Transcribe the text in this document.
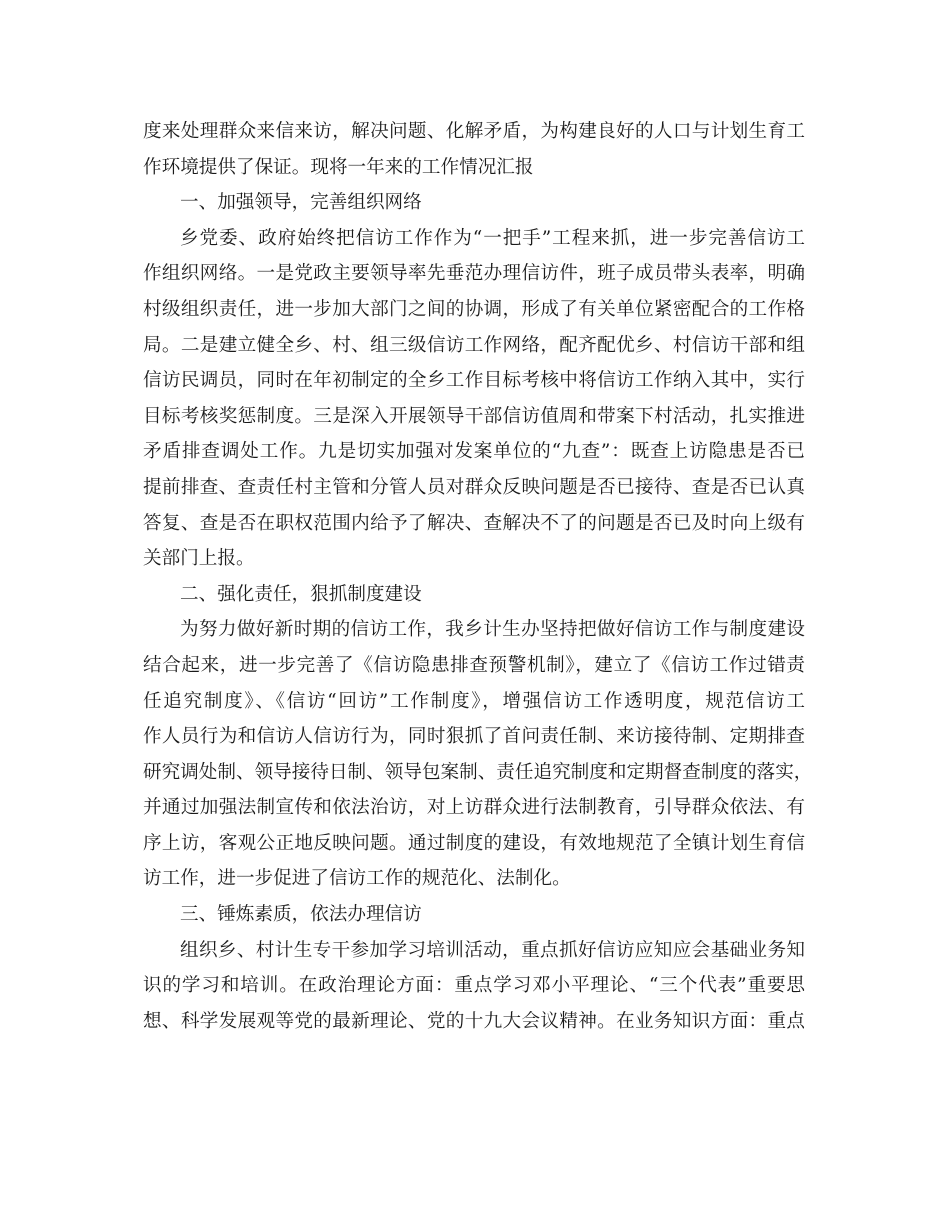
度来处理群众来信来访，解决问题、化解矛盾，为构建良好的人口与计划生育工
作环境提供了保证。现将一年来的工作情况汇报
一、加强领导，完善组织网络
乡党委、政府始终把信访工作作为“一把手”工程来抓，进一步完善信访工
作组织网络。一是党政主要领导率先垂范办理信访件，班子成员带头表率，明确
村级组织责任，进一步加大部门之间的协调，形成了有关单位紧密配合的工作格
局。二是建立健全乡、村、组三级信访工作网络，配齐配优乡、村信访干部和组
信访民调员，同时在年初制定的全乡工作目标考核中将信访工作纳入其中，实行
目标考核奖惩制度。三是深入开展领导干部信访值周和带案下村活动，扎实推进
矛盾排查调处工作。九是切实加强对发案单位的“九查”：既查上访隐患是否已
提前排查、查责任村主管和分管人员对群众反映问题是否已接待、查是否已认真
答复、查是否在职权范围内给予了解决、查解决不了的问题是否已及时向上级有
关部门上报。
二、强化责任，狠抓制度建设
为努力做好新时期的信访工作，我乡计生办坚持把做好信访工作与制度建设
结合起来，进一步完善了《信访隐患排查预警机制》，建立了《信访工作过错责
任追究制度》、《信访“回访”工作制度》，增强信访工作透明度，规范信访工
作人员行为和信访人信访行为，同时狠抓了首问责任制、来访接待制、定期排查
研究调处制、领导接待日制、领导包案制、责任追究制度和定期督查制度的落实，
并通过加强法制宣传和依法治访，对上访群众进行法制教育，引导群众依法、有
序上访，客观公正地反映问题。通过制度的建设，有效地规范了全镇计划生育信
访工作，进一步促进了信访工作的规范化、法制化。
三、锤炼素质，依法办理信访
组织乡、村计生专干参加学习培训活动，重点抓好信访应知应会基础业务知
识的学习和培训。在政治理论方面：重点学习邓小平理论、“三个代表”重要思
想、科学发展观等党的最新理论、党的十九大会议精神。在业务知识方面：重点
